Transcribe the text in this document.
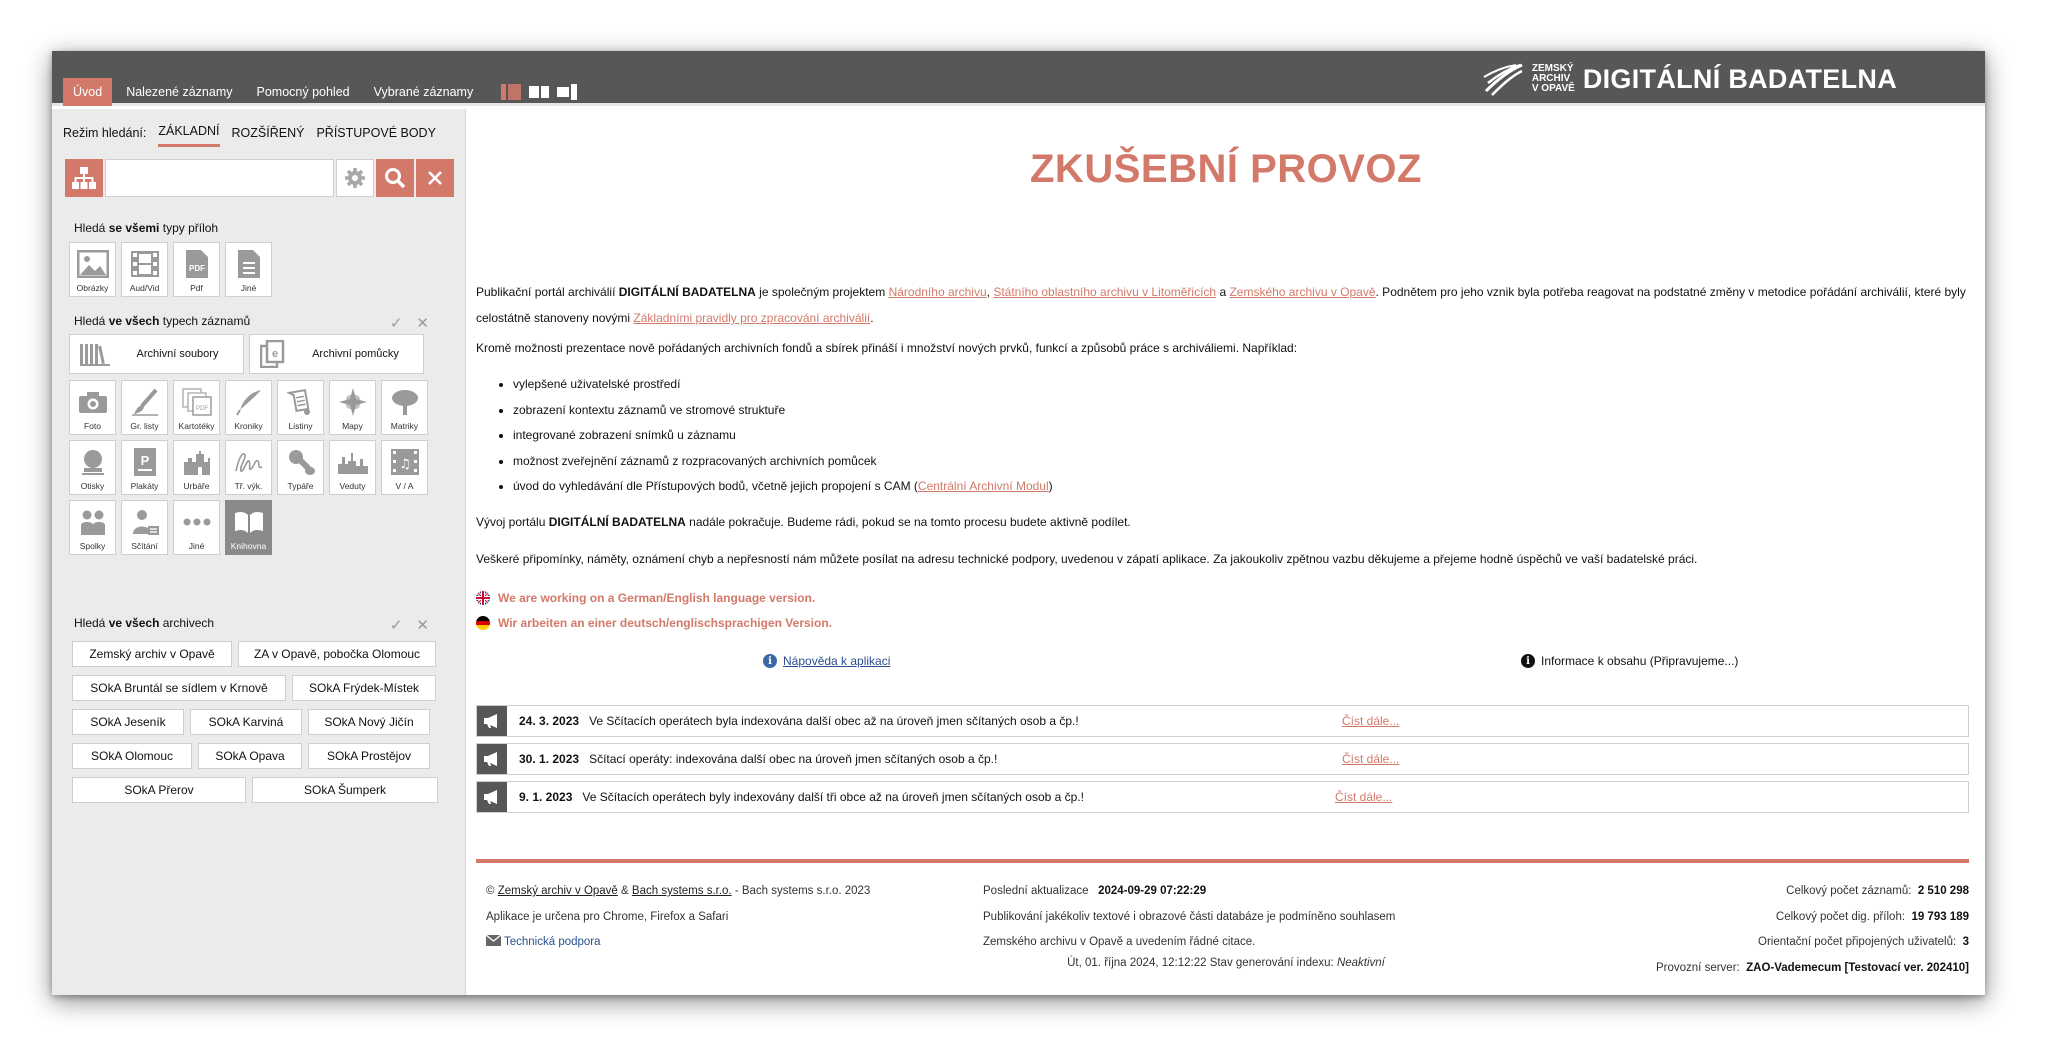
Úvod	Nalezené záznamy	Pomocný pohled	Vybrané záznamy
ZEMSKÝ
ARCHIV
V OPAVĚ DIGITÁLNÍ BADATELNA
Režim hledání: ZÁKLADNÍ ROZŠÍŘENÝ PŘÍSTUPOVÉ BODY
Hledá se všemi typy příloh
Obrázky	Aud/Vid
PDF
Pdf	Jiné
Hledá ve všech typech záznamů	✓ ✕
Archivní soubory	e	Archivní pomůcky
Foto	Gr. listy
PDF
Kartotéky Kroniky	Listiny	Mapy	Matriky
Otisky
P
Plakáty	Urbáře	Tř. výk.	Typáře	Veduty
♫
V / A
Spolky	Sčítání	Jiné	Knihovna
Hledá ve všech archivech	✓ ✕
Zemský archiv v Opavě	ZA v Opavě, pobočka Olomouc
SOkA Bruntál se sídlem v Krnově	SOkA Frýdek-Místek
SOkA Jeseník	SOkA Karviná	SOkA Nový Jičín
SOkA Olomouc	SOkA Opava	SOkA Prostějov
SOkA Přerov	SOkA Šumperk
ZKUŠEBNÍ PROVOZ
Publikační portál archiválií DIGITÁLNÍ BADATELNA je společným projektem Národního archivu, Státního oblastního archivu v Litoměřicích a Zemského archivu v Opavě. Podnětem pro jeho vznik byla potřeba reagovat na podstatné změny v metodice pořádání archiválií, které byly celostátně stanoveny novými Základními pravidly pro zpracování archiválií.
Kromě možnosti prezentace nově pořádaných archivních fondů a sbírek přináší i množství nových prvků, funkcí a způsobů práce s archiváliemi. Například:
• vylepšené uživatelské prostředí
• zobrazení kontextu záznamů ve stromové struktuře
• integrované zobrazení snímků u záznamu
• možnost zveřejnění záznamů z rozpracovaných archivních pomůcek
• úvod do vyhledávání dle Přístupových bodů, včetně jejich propojení s CAM (Centrální Archivní Modul)
Vývoj portálu DIGITÁLNÍ BADATELNA nadále pokračuje. Budeme rádi, pokud se na tomto procesu budete aktivně podílet.
Veškeré připomínky, náměty, oznámení chyb a nepřesností nám můžete posílat na adresu technické podpory, uvedenou v zápatí aplikace. Za jakoukoliv zpětnou vazbu děkujeme a přejeme hodně úspěchů ve vaší badatelské práci.
We are working on a German/English language version.
Wir arbeiten an einer deutsch/englischsprachigen Version.
i Nápověda k aplikaci	i Informace k obsahu (Připravujeme...)
24. 3. 2023 Ve Sčítacích operátech byla indexována další obec až na úroveň jmen sčítaných osob a čp.!	Číst dále...
30. 1. 2023 Sčítací operáty: indexována další obec na úroveň jmen sčítaných osob a čp.!	Číst dále...
9. 1. 2023 Ve Sčítacích operátech byly indexovány další tři obce až na úroveň jmen sčítaných osob a čp.!	Číst dále...
© Zemský archiv v Opavě & Bach systems s.r.o. - Bach systems s.r.o. 2023
Aplikace je určena pro Chrome, Firefox a Safari
Technická podpora
Poslední aktualizace 2024-09-29 07:22:29
Publikování jakékoliv textové i obrazové části databáze je podmíněno souhlasem
Zemského archivu v Opavě a uvedením řádné citace.
Celkový počet záznamů: 2 510 298
Celkový počet dig. příloh: 19 793 189
Orientační počet připojených uživatelů: 3
Provozní server: ZAO-Vademecum [Testovací ver. 202410]
Út, 01. října 2024, 12:12:22 Stav generování indexu: Neaktivní
